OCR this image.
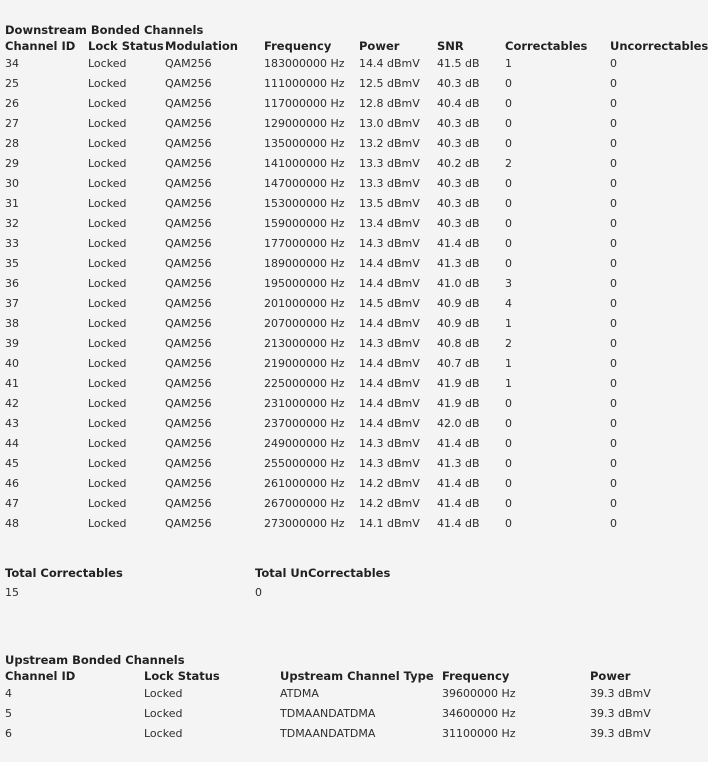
Downstream Bonded Channels
Channel ID	Lock Status	Modulation	Frequency	Power	SNR	Correctables	Uncorrectables
34	Locked	QAM256	183000000 Hz	14.4 dBmV	41.5 dB	1	0
25	Locked	QAM256	111000000 Hz	12.5 dBmV	40.3 dB	0	0
26	Locked	QAM256	117000000 Hz	12.8 dBmV	40.4 dB	0	0
27	Locked	QAM256	129000000 Hz	13.0 dBmV	40.3 dB	0	0
28	Locked	QAM256	135000000 Hz	13.2 dBmV	40.3 dB	0	0
29	Locked	QAM256	141000000 Hz	13.3 dBmV	40.2 dB	2	0
30	Locked	QAM256	147000000 Hz	13.3 dBmV	40.3 dB	0	0
31	Locked	QAM256	153000000 Hz	13.5 dBmV	40.3 dB	0	0
32	Locked	QAM256	159000000 Hz	13.4 dBmV	40.3 dB	0	0
33	Locked	QAM256	177000000 Hz	14.3 dBmV	41.4 dB	0	0
35	Locked	QAM256	189000000 Hz	14.4 dBmV	41.3 dB	0	0
36	Locked	QAM256	195000000 Hz	14.4 dBmV	41.0 dB	3	0
37	Locked	QAM256	201000000 Hz	14.5 dBmV	40.9 dB	4	0
38	Locked	QAM256	207000000 Hz	14.4 dBmV	40.9 dB	1	0
39	Locked	QAM256	213000000 Hz	14.3 dBmV	40.8 dB	2	0
40	Locked	QAM256	219000000 Hz	14.4 dBmV	40.7 dB	1	0
41	Locked	QAM256	225000000 Hz	14.4 dBmV	41.9 dB	1	0
42	Locked	QAM256	231000000 Hz	14.4 dBmV	41.9 dB	0	0
43	Locked	QAM256	237000000 Hz	14.4 dBmV	42.0 dB	0	0
44	Locked	QAM256	249000000 Hz	14.3 dBmV	41.4 dB	0	0
45	Locked	QAM256	255000000 Hz	14.3 dBmV	41.3 dB	0	0
46	Locked	QAM256	261000000 Hz	14.2 dBmV	41.4 dB	0	0
47	Locked	QAM256	267000000 Hz	14.2 dBmV	41.4 dB	0	0
48	Locked	QAM256	273000000 Hz	14.1 dBmV	41.4 dB	0	0
Total Correctables
15
Total UnCorrectables
0
Upstream Bonded Channels
Channel ID	Lock Status	Upstream Channel Type	Frequency	Power
4	Locked	ATDMA	39600000 Hz	39.3 dBmV
5	Locked	TDMAANDATDMA	34600000 Hz	39.3 dBmV
6	Locked	TDMAANDATDMA	31100000 Hz	39.3 dBmV
